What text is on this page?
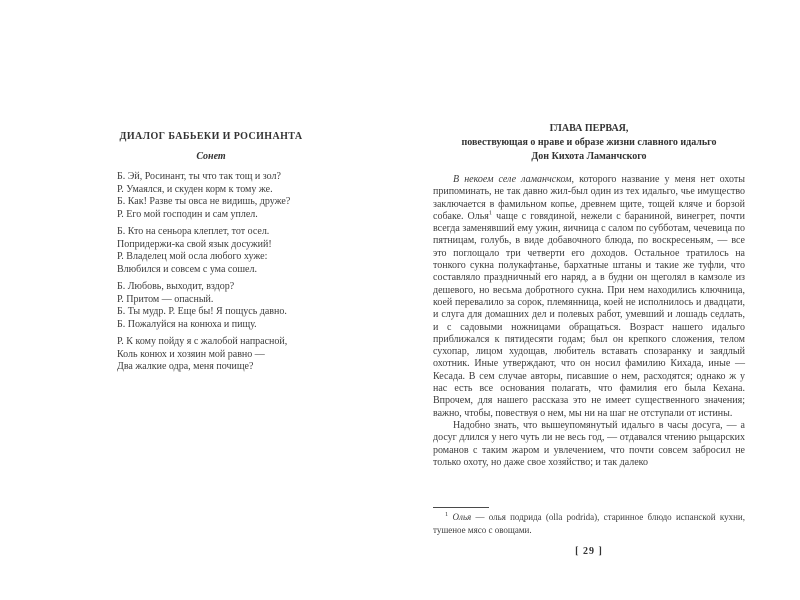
ДИАЛОГ БАБЬЕКИ И РОСИНАНТА
Сонет
Б. Эй, Росинант, ты что так тощ и зол?
Р. Умаялся, и скуден корм к тому же.
Б. Как! Разве ты овса не видишь, друже?
Р. Его мой господин и сам уплел.
Б. Кто на сеньора клеплет, тот осел.
Попридержи-ка свой язык досужий!
Р. Владелец мой осла любого хуже:
Влюбился и совсем с ума сошел.
Б. Любовь, выходит, вздор?
Р. Притом — опасный.
Б. Ты мудр. Р. Еще бы! Я пощусь давно.
Б. Пожалуйся на конюха и пищу.
Р. К кому пойду я с жалобой напрасной,
Коль конюх и хозяин мой равно —
Два жалкие одра, меня почище?
ГЛАВА ПЕРВАЯ,
повествующая о нраве и образе жизни славного идальго
Дон Кихота Ламанчского

В некоем селе ламанчском, которого название у меня нет охоты припоминать, не так давно жил-был один из тех идальго, чье имущество заключается в фамильном копье, древнем щите, тощей кляче и борзой собаке. Олья$^1$ чаще с говядиной, нежели с бараниной, винегрет, почти всегда заменявший ему ужин, яичница с салом по субботам, чечевица по пятницам, голубь, в виде добавочного блюда, по воскресеньям, — все это поглощало три четверти его доходов. Остальное тратилось на тонкого сукна полукафтанье, бархатные штаны и такие же туфли, что составляло праздничный его наряд, а в будни он щеголял в камзоле из дешевого, но весьма добротного сукна. При нем находились ключница, коей перевалило за сорок, племянница, коей не исполнилось и двадцати, и слуга для домашних дел и полевых работ, умевший и лошадь седлать, и с садовыми ножницами обращаться. Возраст нашего идальго приближался к пятидесяти годам; был он крепкого сложения, телом сухопар, лицом худощав, любитель вставать спозаранку и заядлый охотник. Иные утверждают, что он носил фамилию Кихада, иные — Кесада. В сем случае авторы, писавшие о нем, расходятся; однако ж у нас есть все основания полагать, что фамилия его была Кехана. Впрочем, для нашего рассказа это не имеет существенного значения; важно, чтобы, повествуя о нем, мы ни на шаг не отступали от истины.

Надобно знать, что вышеупомянутый идальго в часы досуга, — а досуг длился у него чуть ли не весь год, — отдавался чтению рыцарских романов с таким жаром и увлечением, что почти совсем забросил не только охоту, но даже свое хозяйство; и так далеко

$^1$ Олья — олья подрида (olla podrida), старинное блюдо испанской кухни, тушеное мясо с овощами.

[ 29 ]
